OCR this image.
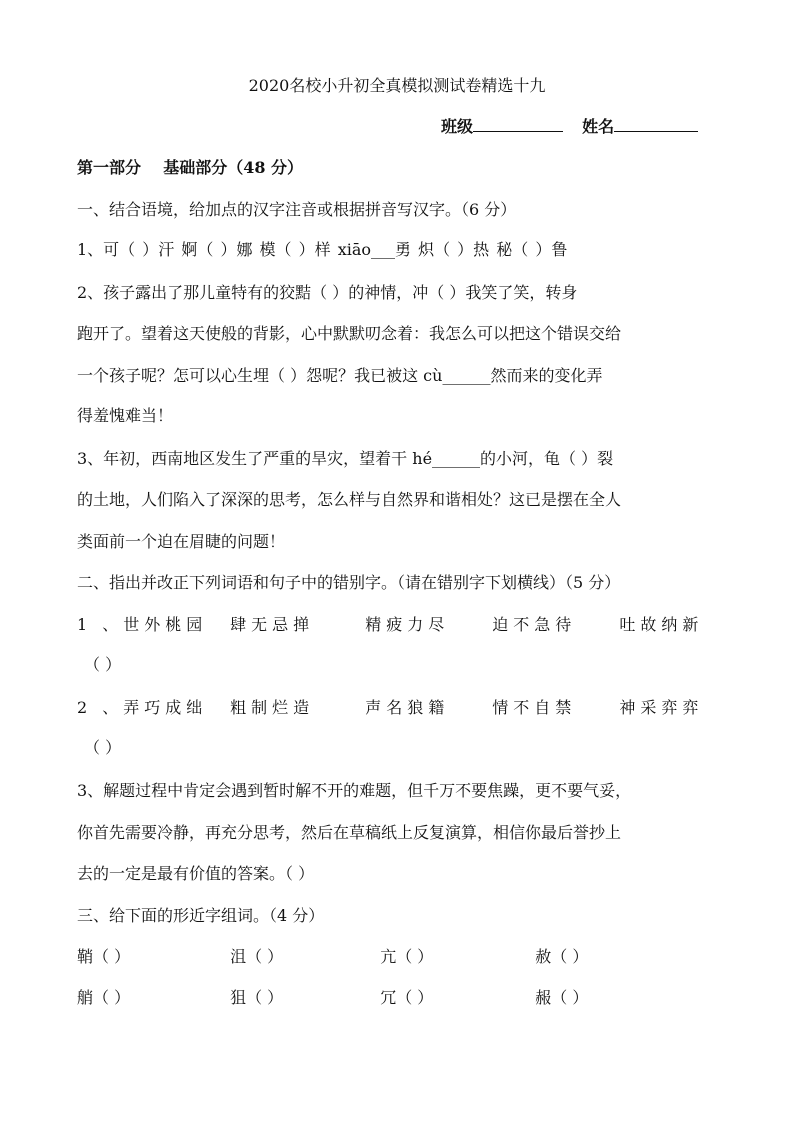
2020名校小升初全真模拟测试卷精选十九
班级	姓名
第一部分 基础部分（48 分）
一、结合语境，给加点的汉字注音或根据拼音写汉字。（6 分）
1、可（ ）汗 婀（ ）娜 模（ ）样 xiāo___勇 炽（ ）热 秘（ ）鲁
2、孩子露出了那儿童特有的狡黠（ ）的神情，冲（ ）我笑了笑，转身
跑开了。望着这天使般的背影，心中默默叨念着：我怎么可以把这个错误交给
一个孩子呢？怎可以心生埋（ ）怨呢？我已被这 cù______然而来的变化弄
得羞愧难当！
3、年初，西南地区发生了严重的旱灾，望着干 hé______的小河，龟（ ）裂
的土地，人们陷入了深深的思考，怎么样与自然界和谐相处？这已是摆在全人
类面前一个迫在眉睫的问题！
二、指出并改正下列词语和句子中的错别字。（请在错别字下划横线）（5 分）
1 、世外桃园 肆无忌掸	精疲力尽	迫不急待	吐故纳新
（ ）
2 、弄巧成绌 粗制烂造	声名狼籍	情不自禁	神采弈弈
（ ）
3、解题过程中肯定会遇到暂时解不开的难题，但千万不要焦躁，更不要气妥，
你首先需要冷静，再充分思考，然后在草稿纸上反复演算，相信你最后誉抄上
去的一定是最有价值的答案。（ ）
三、给下面的形近字组词。（4 分）
鞘（ ）	沮（ ）	亢（ ）	赦（ ）
艄（ ）	狙（ ）	冗（ ）	赧（ ）
